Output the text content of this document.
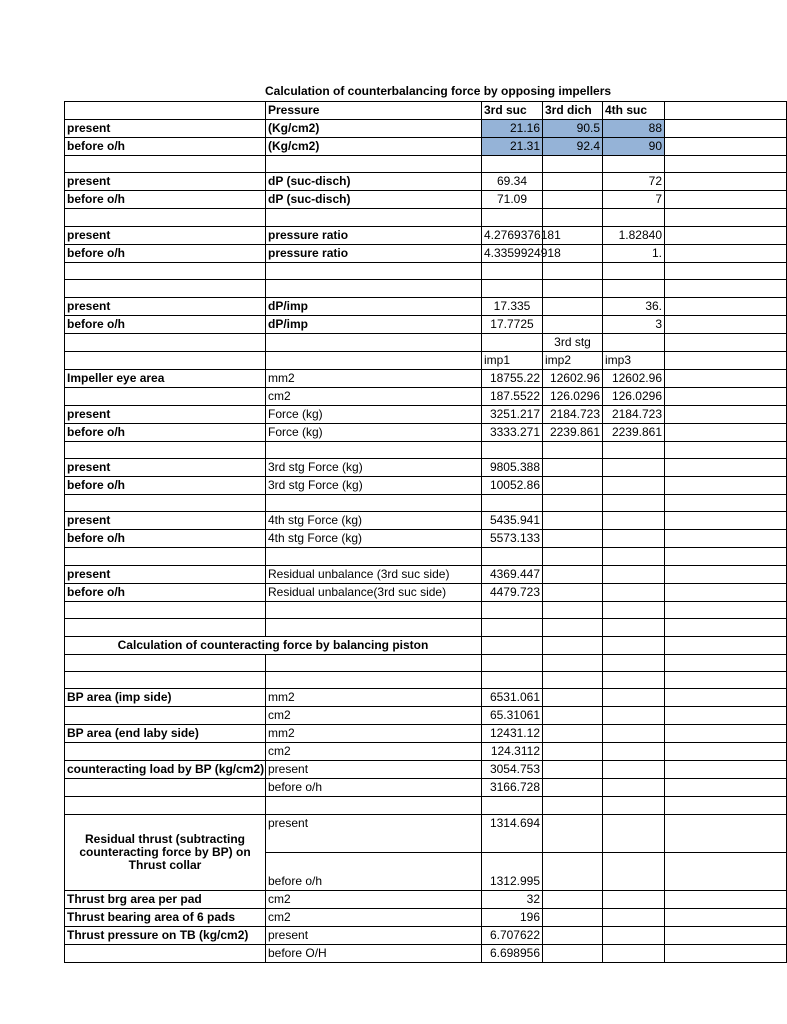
Calculation of counterbalancing force by opposing impellers
	Pressure	3rd suc	3rd dich	4th suc	
present	(Kg/cm2)	21.16	90.5	88	
before o/h	(Kg/cm2)	21.31	92.4	90	

present	dP (suc-disch)	69.34		72	
before o/h	dP (suc-disch)	71.09		7	

present	pressure ratio	4.2769376181		1.82840	
before o/h	pressure ratio	4.3359924918		1.	

present	dP/imp	17.335		36.	
before o/h	dP/imp	17.7725		3	
			3rd stg		
		imp1	imp2	imp3	
Impeller eye area	mm2	18755.22	12602.96	12602.96	
	cm2	187.5522	126.0296	126.0296	
present	Force (kg)	3251.217	2184.723	2184.723	
before o/h	Force (kg)	3333.271	2239.861	2239.861	

present	3rd stg Force (kg)	9805.388			
before o/h	3rd stg Force (kg)	10052.86			

present	4th stg Force (kg)	5435.941			
before o/h	4th stg Force (kg)	5573.133			

present	Residual unbalance (3rd suc side)	4369.447			
before o/h	Residual unbalance(3rd suc side)	4479.723			

Calculation of counteracting force by balancing piston					

BP area (imp side)	mm2	6531.061			
	cm2	65.31061			
BP area (end laby side)	mm2	12431.12			
	cm2	124.3112			
counteracting load by BP (kg/cm2)	present	3054.753			
	before o/h	3166.728			

Residual thrust (subtracting counteracting force by BP) on Thrust collar	present	1314.694			
	before o/h	1312.995			
Thrust brg area per pad	cm2	32			
Thrust bearing area of 6 pads	cm2	196			
Thrust pressure on TB (kg/cm2)	present	6.707622			
	before O/H	6.698956			
